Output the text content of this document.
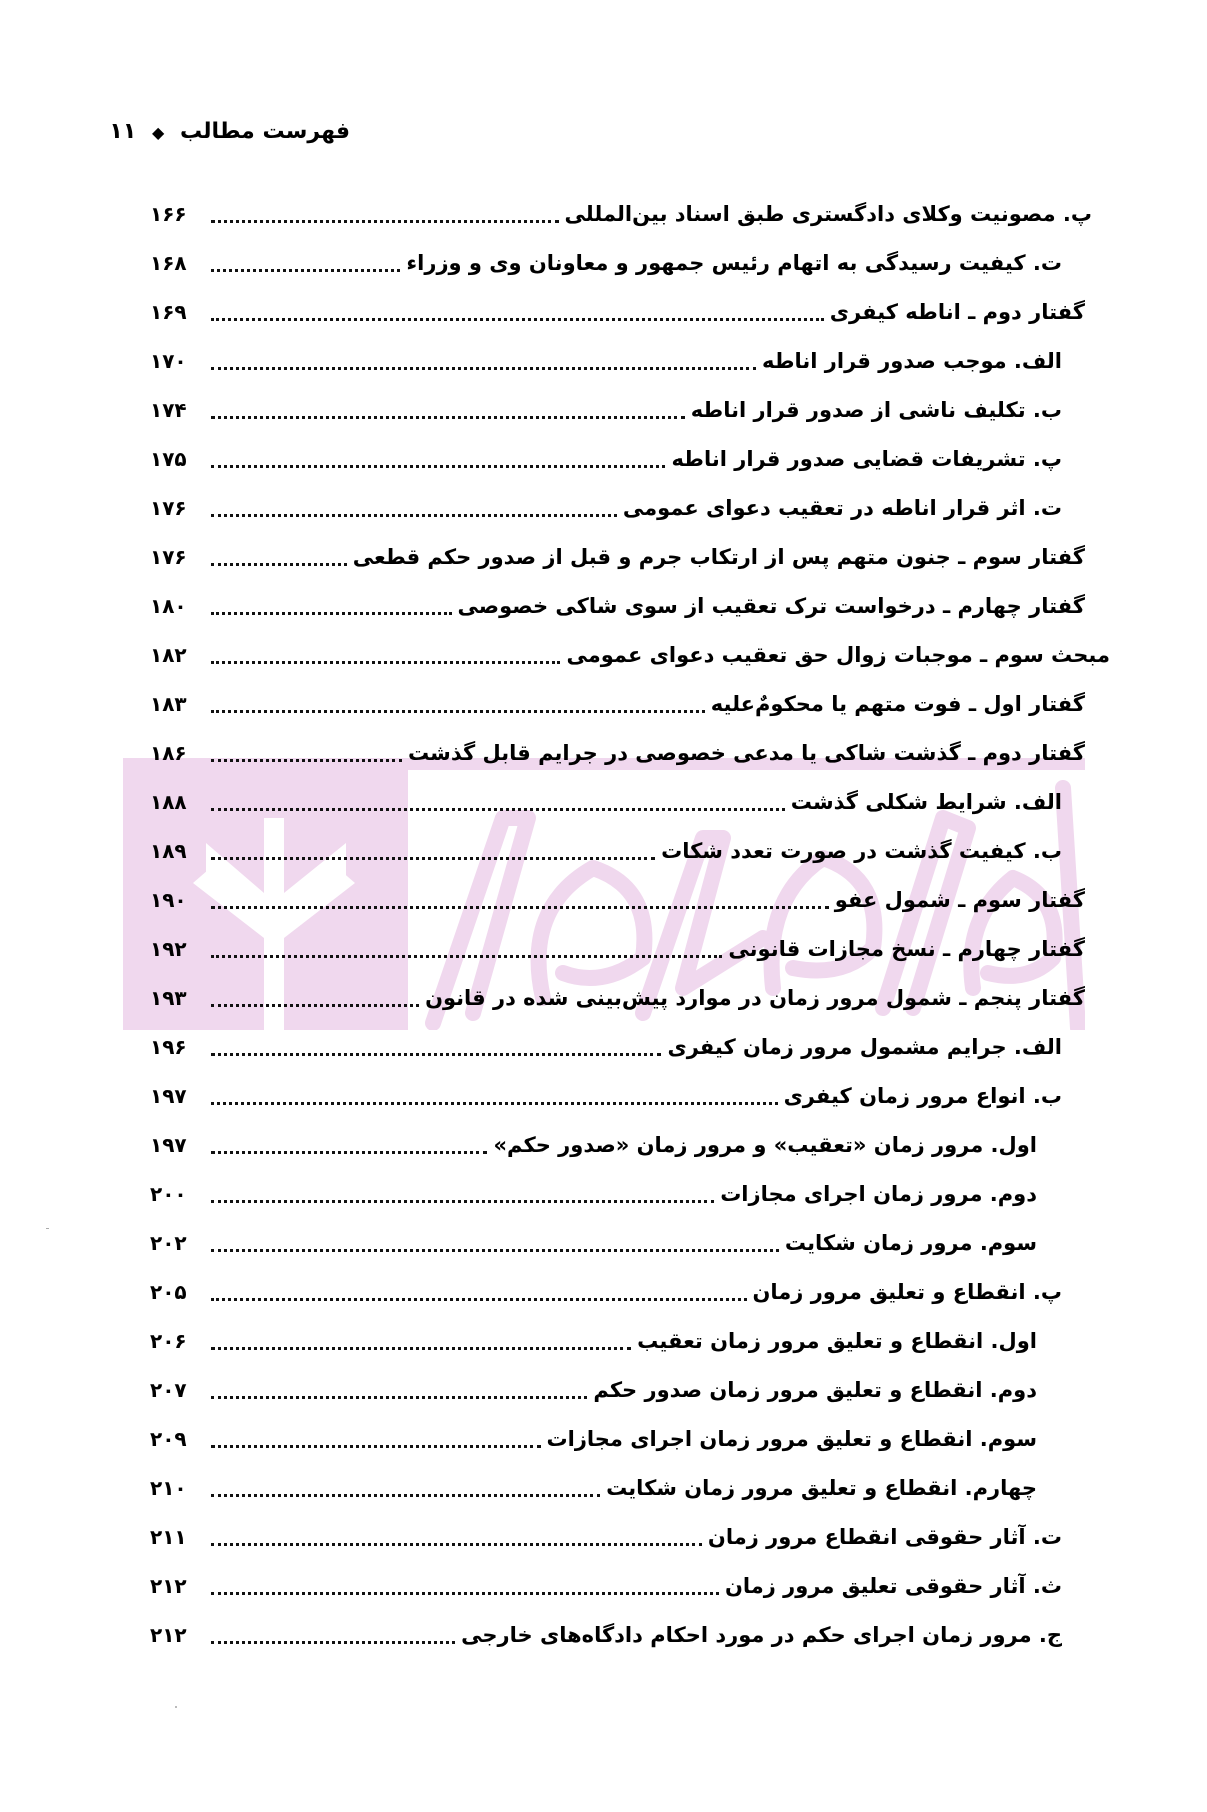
فهرست مطالب ◆ ۱۱
۱۶۶	پ. مصونیت وکلای دادگستری طبق اسناد بین‌المللی
۱۶۸	ت. کیفیت رسیدگی به اتهام رئیس جمهور و معاونان وی و وزراء
۱۶۹	گفتار دوم ـ اناطه کیفری
۱۷۰	الف. موجب صدور قرار اناطه
۱۷۴	ب. تکلیف ناشی از صدور قرار اناطه
۱۷۵	پ. تشریفات قضایی صدور قرار اناطه
۱۷۶	ت. اثر قرار اناطه در تعقیب دعوای عمومی
۱۷۶	گفتار سوم ـ جنون متهم پس از ارتکاب جرم و قبل از صدور حکم قطعی
۱۸۰	گفتار چهارم ـ درخواست ترک تعقیب از سوی شاکی خصوصی
۱۸۲	مبحث سوم ـ موجبات زوال حق تعقیب دعوای عمومی
۱۸۳	گفتار اول ـ فوت متهم یا محکومٌ‌علیه
۱۸۶	گفتار دوم ـ گذشت شاکی یا مدعی خصوصی در جرایم قابل گذشت
۱۸۸	الف. شرایط شکلی گذشت
۱۸۹	ب. کیفیت گذشت در صورت تعدد شکات
۱۹۰	گفتار سوم ـ شمول عفو
۱۹۲	گفتار چهارم ـ نسخ مجازات قانونی
۱۹۳	گفتار پنجم ـ شمول مرور زمان در موارد پیش‌بینی شده در قانون
۱۹۶	الف. جرایم مشمول مرور زمان کیفری
۱۹۷	ب. انواع مرور زمان کیفری
۱۹۷	اول. مرور زمان «تعقیب» و مرور زمان «صدور حکم»
۲۰۰	دوم. مرور زمان اجرای مجازات
۲۰۲	سوم. مرور زمان شکایت
۲۰۵	پ. انقطاع و تعلیق مرور زمان
۲۰۶	اول. انقطاع و تعلیق مرور زمان تعقیب
۲۰۷	دوم. انقطاع و تعلیق مرور زمان صدور حکم
۲۰۹	سوم. انقطاع و تعلیق مرور زمان اجرای مجازات
۲۱۰	چهارم. انقطاع و تعلیق مرور زمان شکایت
۲۱۱	ت. آثار حقوقی انقطاع مرور زمان
۲۱۲	ث. آثار حقوقی تعلیق مرور زمان
۲۱۲	ج. مرور زمان اجرای حکم در مورد احکام دادگاه‌های خارجی
